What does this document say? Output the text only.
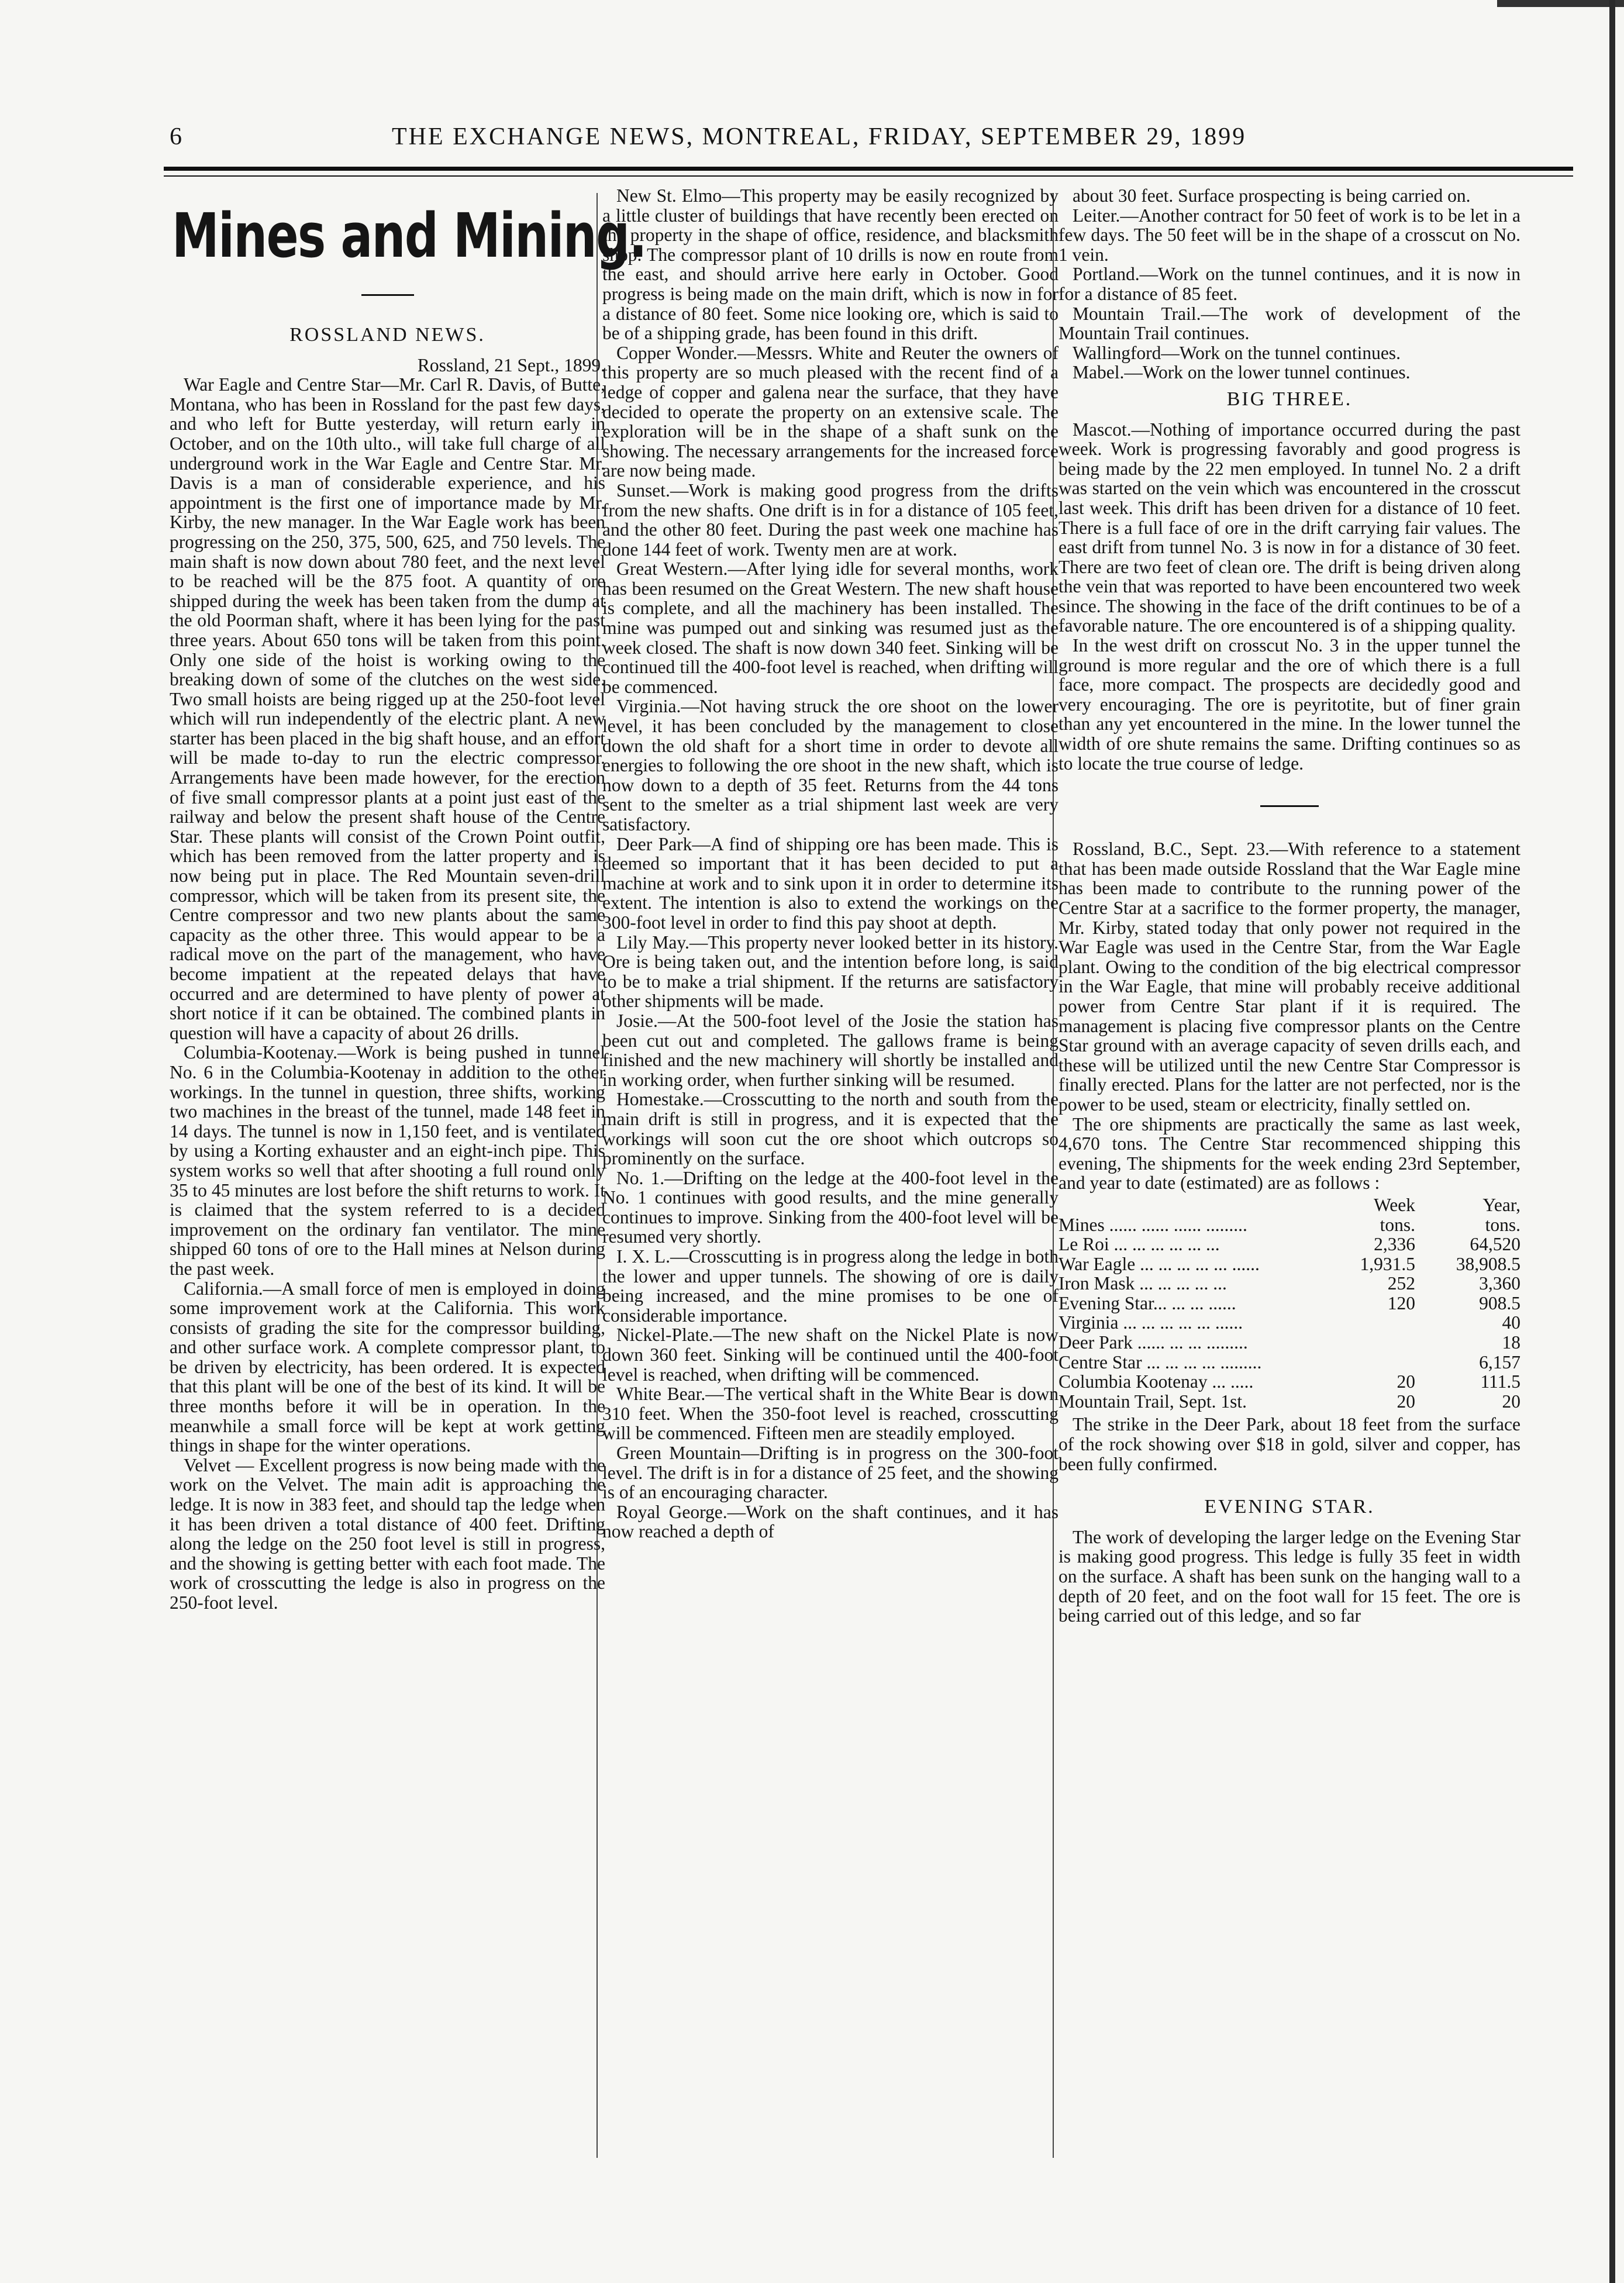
6	THE EXCHANGE NEWS, MONTREAL, FRIDAY, SEPTEMBER 29, 1899
Mines and Mining.
ROSSLAND NEWS.

Rossland, 21 Sept., 1899.

War Eagle and Centre Star—Mr. Carl R. Davis, of Butte, Montana, who has been in Rossland for the past few days, and who left for Butte yesterday, will return early in October, and on the 10th ulto., will take full charge of all underground work in the War Eagle and Centre Star. Mr. Davis is a man of considerable experience, and his appointment is the first one of importance made by Mr. Kirby, the new manager. In the War Eagle work has been progressing on the 250, 375, 500, 625, and 750 levels. The main shaft is now down about 780 feet, and the next level to be reached will be the 875 foot. A quantity of ore shipped during the week has been taken from the dump at the old Poorman shaft, where it has been lying for the past three years. About 650 tons will be taken from this point. Only one side of the hoist is working owing to the breaking down of some of the clutches on the west side. Two small hoists are being rigged up at the 250-foot level which will run independently of the electric plant. A new starter has been placed in the big shaft house, and an effort will be made to-day to run the electric compressor. Arrangements have been made however, for the erection of five small compressor plants at a point just east of the railway and below the present shaft house of the Centre Star. These plants will consist of the Crown Point outfit, which has been removed from the latter property and is now being put in place. The Red Mountain seven-drill compressor, which will be taken from its present site, the Centre compressor and two new plants about the same capacity as the other three. This would appear to be a radical move on the part of the management, who have become impatient at the repeated delays that have occurred and are determined to have plenty of power at short notice if it can be obtained. The combined plants in question will have a capacity of about 26 drills.

Columbia-Kootenay.—Work is being pushed in tunnel No. 6 in the Columbia-Kootenay in addition to the other workings. In the tunnel in question, three shifts, working two machines in the breast of the tunnel, made 148 feet in 14 days. The tunnel is now in 1,150 feet, and is ventilated by using a Korting exhauster and an eight-inch pipe. This system works so well that after shooting a full round only 35 to 45 minutes are lost before the shift returns to work. It is claimed that the system referred to is a decided improvement on the ordinary fan ventilator. The mine shipped 60 tons of ore to the Hall mines at Nelson during the past week.

California.—A small force of men is employed in doing some improvement work at the California. This work consists of grading the site for the compressor building, and other surface work. A complete compressor plant, to be driven by electricity, has been ordered. It is expected that this plant will be one of the best of its kind. It will be three months before it will be in operation. In the meanwhile a small force will be kept at work getting things in shape for the winter operations.

Velvet — Excellent progress is now being made with the work on the Velvet. The main adit is approaching the ledge. It is now in 383 feet, and should tap the ledge when it has been driven a total distance of 400 feet. Drifting along the ledge on the 250 foot level is still in progress, and the showing is getting better with each foot made. The work of crosscutting the ledge is also in progress on the 250-foot level.

New St. Elmo—This property may be easily recognized by a little cluster of buildings that have recently been erected on the property in the shape of office, residence, and blacksmith shop. The compressor plant of 10 drills is now en route from the east, and should arrive here early in October. Good progress is being made on the main drift, which is now in for a distance of 80 feet. Some nice looking ore, which is said to be of a shipping grade, has been found in this drift.

Copper Wonder.—Messrs. White and Reuter the owners of this property are so much pleased with the recent find of a ledge of copper and galena near the surface, that they have decided to operate the property on an extensive scale. The exploration will be in the shape of a shaft sunk on the showing. The necessary arrangements for the increased force are now being made.

Sunset.—Work is making good progress from the drifts from the new shafts. One drift is in for a distance of 105 feet, and the other 80 feet. During the past week one machine has done 144 feet of work. Twenty men are at work.

Great Western.—After lying idle for several months, work has been resumed on the Great Western. The new shaft house is complete, and all the machinery has been installed. The mine was pumped out and sinking was resumed just as the week closed. The shaft is now down 340 feet. Sinking will be continued till the 400-foot level is reached, when drifting will be commenced.

Virginia.—Not having struck the ore shoot on the lower level, it has been concluded by the management to close down the old shaft for a short time in order to devote all energies to following the ore shoot in the new shaft, which is now down to a depth of 35 feet. Returns from the 44 tons sent to the smelter as a trial shipment last week are very satisfactory.

Deer Park—A find of shipping ore has been made. This is deemed so important that it has been decided to put a machine at work and to sink upon it in order to determine its extent. The intention is also to extend the workings on the 300-foot level in order to find this pay shoot at depth.

Lily May.—This property never looked better in its history. Ore is being taken out, and the intention before long, is said to be to make a trial shipment. If the returns are satisfactory other shipments will be made.

Josie.—At the 500-foot level of the Josie the station has been cut out and completed. The gallows frame is being finished and the new machinery will shortly be installed and in working order, when further sinking will be resumed.

Homestake.—Crosscutting to the north and south from the main drift is still in progress, and it is expected that the workings will soon cut the ore shoot which outcrops so prominently on the surface.

No. 1.—Drifting on the ledge at the 400-foot level in the No. 1 continues with good results, and the mine generally continues to improve. Sinking from the 400-foot level will be resumed very shortly.

I. X. L.—Crosscutting is in progress along the ledge in both the lower and upper tunnels. The showing of ore is daily being increased, and the mine promises to be one of considerable importance.

Nickel-Plate.—The new shaft on the Nickel Plate is now down 360 feet. Sinking will be continued until the 400-foot level is reached, when drifting will be commenced.

White Bear.—The vertical shaft in the White Bear is down 310 feet. When the 350-foot level is reached, crosscutting will be commenced. Fifteen men are steadily employed.

Green Mountain—Drifting is in progress on the 300-foot level. The drift is in for a distance of 25 feet, and the showing is of an encouraging character.

Royal George.—Work on the shaft continues, and it has now reached a depth of

about 30 feet. Surface prospecting is being carried on.

Leiter.—Another contract for 50 feet of work is to be let in a few days. The 50 feet will be in the shape of a crosscut on No. 1 vein.

Portland.—Work on the tunnel continues, and it is now in for a distance of 85 feet.

Mountain Trail.—The work of development of the Mountain Trail continues.

Wallingford—Work on the tunnel continues.

Mabel.—Work on the lower tunnel continues.

BIG THREE.

Mascot.—Nothing of importance occurred during the past week. Work is progressing favorably and good progress is being made by the 22 men employed. In tunnel No. 2 a drift was started on the vein which was encountered in the crosscut last week. This drift has been driven for a distance of 10 feet. There is a full face of ore in the drift carrying fair values. The east drift from tunnel No. 3 is now in for a distance of 30 feet. There are two feet of clean ore. The drift is being driven along the vein that was reported to have been encountered two week since. The showing in the face of the drift continues to be of a favorable nature. The ore encountered is of a shipping quality.

In the west drift on crosscut No. 3 in the upper tunnel the ground is more regular and the ore of which there is a full face, more compact. The prospects are decidedly good and very encouraging. The ore is peyritotite, but of finer grain than any yet encountered in the mine. In the lower tunnel the width of ore shute remains the same. Drifting continues so as to locate the true course of ledge.

Rossland, B.C., Sept. 23.—With reference to a statement that has been made outside Rossland that the War Eagle mine has been made to contribute to the running power of the Centre Star at a sacrifice to the former property, the manager, Mr. Kirby, stated today that only power not required in the War Eagle was used in the Centre Star, from the War Eagle plant. Owing to the condition of the big electrical compressor in the War Eagle, that mine will probably receive additional power from Centre Star plant if it is required. The management is placing five compressor plants on the Centre Star ground with an average capacity of seven drills each, and these will be utilized until the new Centre Star Compressor is finally erected. Plans for the latter are not perfected, nor is the power to be used, steam or electricity, finally settled on.

The ore shipments are practically the same as last week, 4,670 tons. The Centre Star recommenced shipping this evening, The shipments for the week ending 23rd September, and year to date (estimated) are as follows :

	Week	Year,
Mines ...... ...... ...... .........	tons.	tons.
Le Roi ... ... ... ... ... ...	2,336	64,520
War Eagle ... ... ... ... ... ......	1,931.5	38,908.5
Iron Mask ... ... ... ... ...	252	3,360
Evening Star... ... ... ......	120	908.5
Virginia ... ... ... ... ... ......		40
Deer Park ...... ... ... .........		18
Centre Star ... ... ... ... .........		6,157
Columbia Kootenay ... .....	20	111.5
Mountain Trail, Sept. 1st.	20	20

The strike in the Deer Park, about 18 feet from the surface of the rock showing over $18 in gold, silver and copper, has been fully confirmed.

EVENING STAR.

The work of developing the larger ledge on the Evening Star is making good progress. This ledge is fully 35 feet in width on the surface. A shaft has been sunk on the hanging wall to a depth of 20 feet, and on the foot wall for 15 feet. The ore is being carried out of this ledge, and so far
